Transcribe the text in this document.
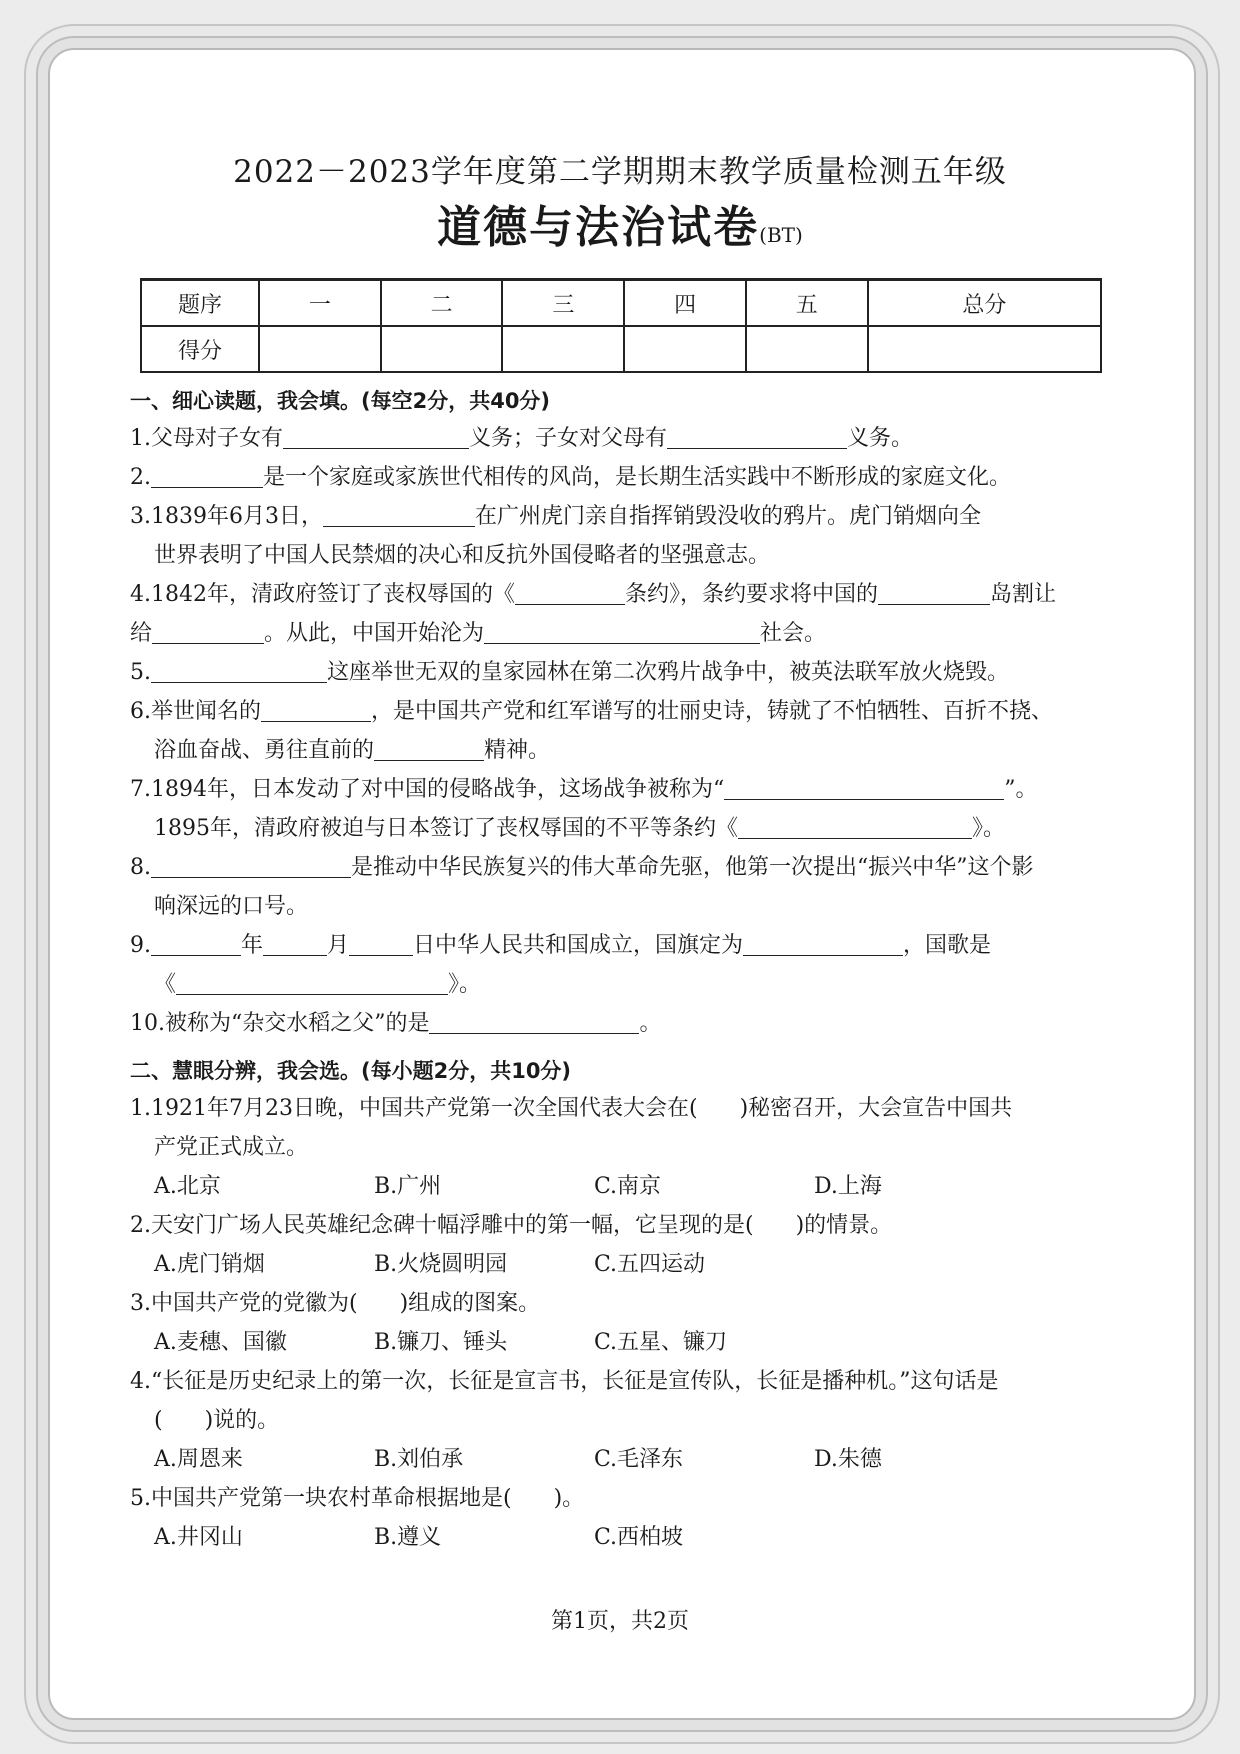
更多资源请登录王朝霞试卷网(www.wzxsjw.com)
2022－2023学年度第二学期期末教学质量检测五年级
道德与法治试卷(BT)
题序	一	二	三	四	五	总分
得分						
一、细心读题，我会填。(每空2分，共40分)
1.父母对子女有	义务；子女对父母有	义务。
2.	是一个家庭或家族世代相传的风尚，是长期生活实践中不断形成的家庭文化。
3.1839年6月3日，	在广州虎门亲自指挥销毁没收的鸦片。虎门销烟向全
世界表明了中国人民禁烟的决心和反抗外国侵略者的坚强意志。
4.1842年，清政府签订了丧权辱国的《	条约》，条约要求将中国的	岛割让
给	。从此，中国开始沦为	社会。
5.	这座举世无双的皇家园林在第二次鸦片战争中，被英法联军放火烧毁。
6.举世闻名的	，是中国共产党和红军谱写的壮丽史诗，铸就了不怕牺牲、百折不挠、
浴血奋战、勇往直前的	精神。
7.1894年，日本发动了对中国的侵略战争，这场战争被称为“	”。
1895年，清政府被迫与日本签订了丧权辱国的不平等条约《	》。
8.	是推动中华民族复兴的伟大革命先驱，他第一次提出“振兴中华”这个影
响深远的口号。
9.	年	月	日中华人民共和国成立，国旗定为	，国歌是
《	》。
10.被称为“杂交水稻之父”的是	。
二、慧眼分辨，我会选。(每小题2分，共10分)
1.1921年7月23日晚，中国共产党第一次全国代表大会在( )秘密召开，大会宣告中国共
产党正式成立。
A.北京	B.广州	C.南京	D.上海
2.天安门广场人民英雄纪念碑十幅浮雕中的第一幅，它呈现的是( )的情景。
A.虎门销烟	B.火烧圆明园	C.五四运动
3.中国共产党的党徽为( )组成的图案。
A.麦穗、国徽	B.镰刀、锤头	C.五星、镰刀
4.“长征是历史纪录上的第一次，长征是宣言书，长征是宣传队，长征是播种机。”这句话是
( )说的。
A.周恩来	B.刘伯承	C.毛泽东	D.朱德
5.中国共产党第一块农村革命根据地是( )。
A.井冈山	B.遵义	C.西柏坡
第1页，共2页
